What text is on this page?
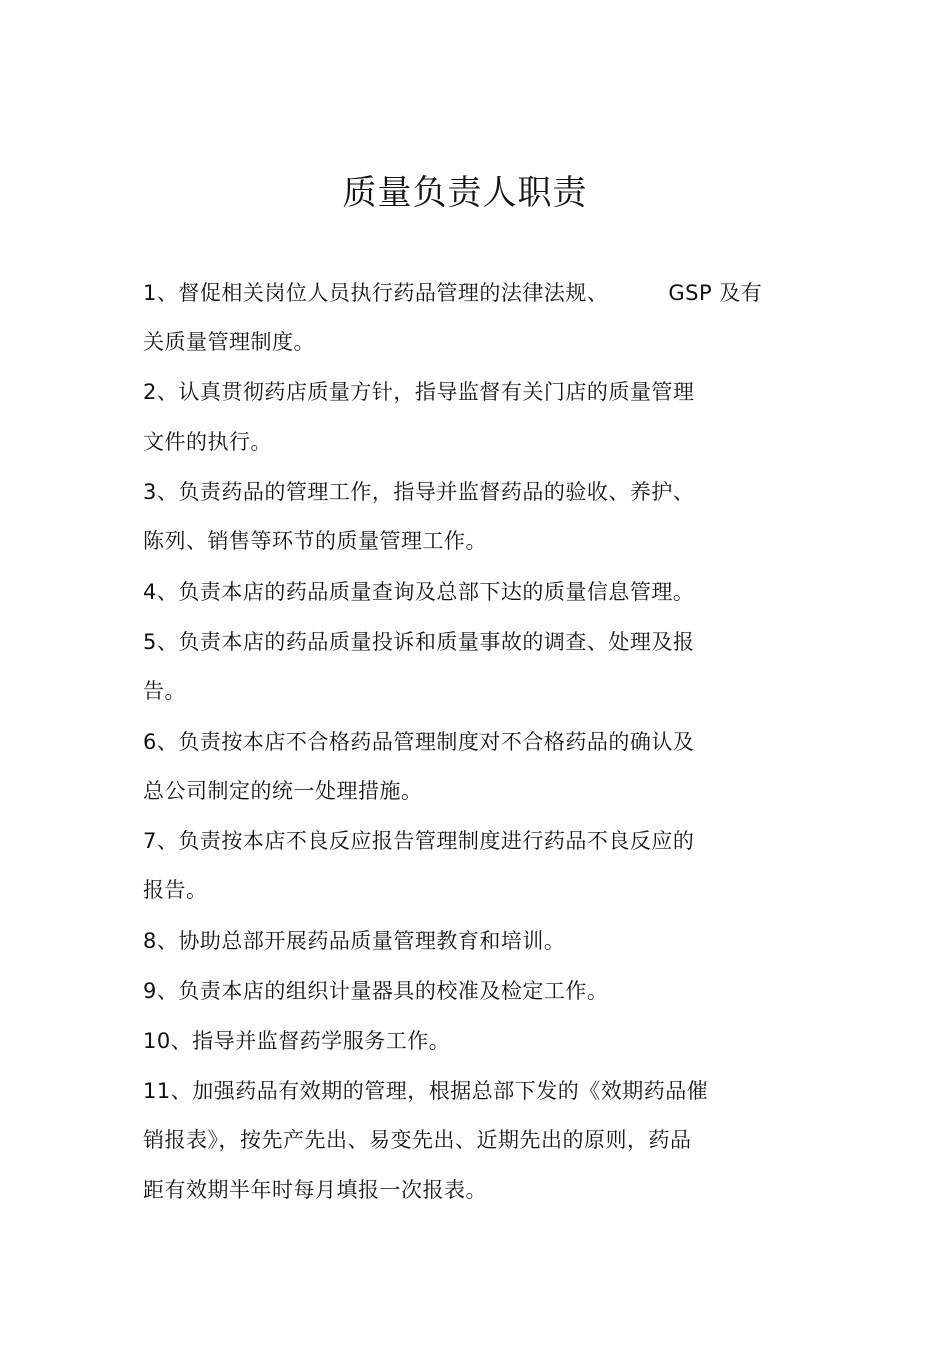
质量负责人职责
1、督促相关岗位人员执行药品管理的法律法规、	GSP 及有
关质量管理制度。
2、认真贯彻药店质量方针，指导监督有关门店的质量管理
文件的执行。
3、负责药品的管理工作，指导并监督药品的验收、养护、
陈列、销售等环节的质量管理工作。
4、负责本店的药品质量查询及总部下达的质量信息管理。
5、负责本店的药品质量投诉和质量事故的调查、处理及报
告。
6、负责按本店不合格药品管理制度对不合格药品的确认及
总公司制定的统一处理措施。
7、负责按本店不良反应报告管理制度进行药品不良反应的
报告。
8、协助总部开展药品质量管理教育和培训。
9、负责本店的组织计量器具的校准及检定工作。
10、指导并监督药学服务工作。
11、加强药品有效期的管理，根据总部下发的《效期药品催
销报表》，按先产先出、易变先出、近期先出的原则，药品
距有效期半年时每月填报一次报表。
